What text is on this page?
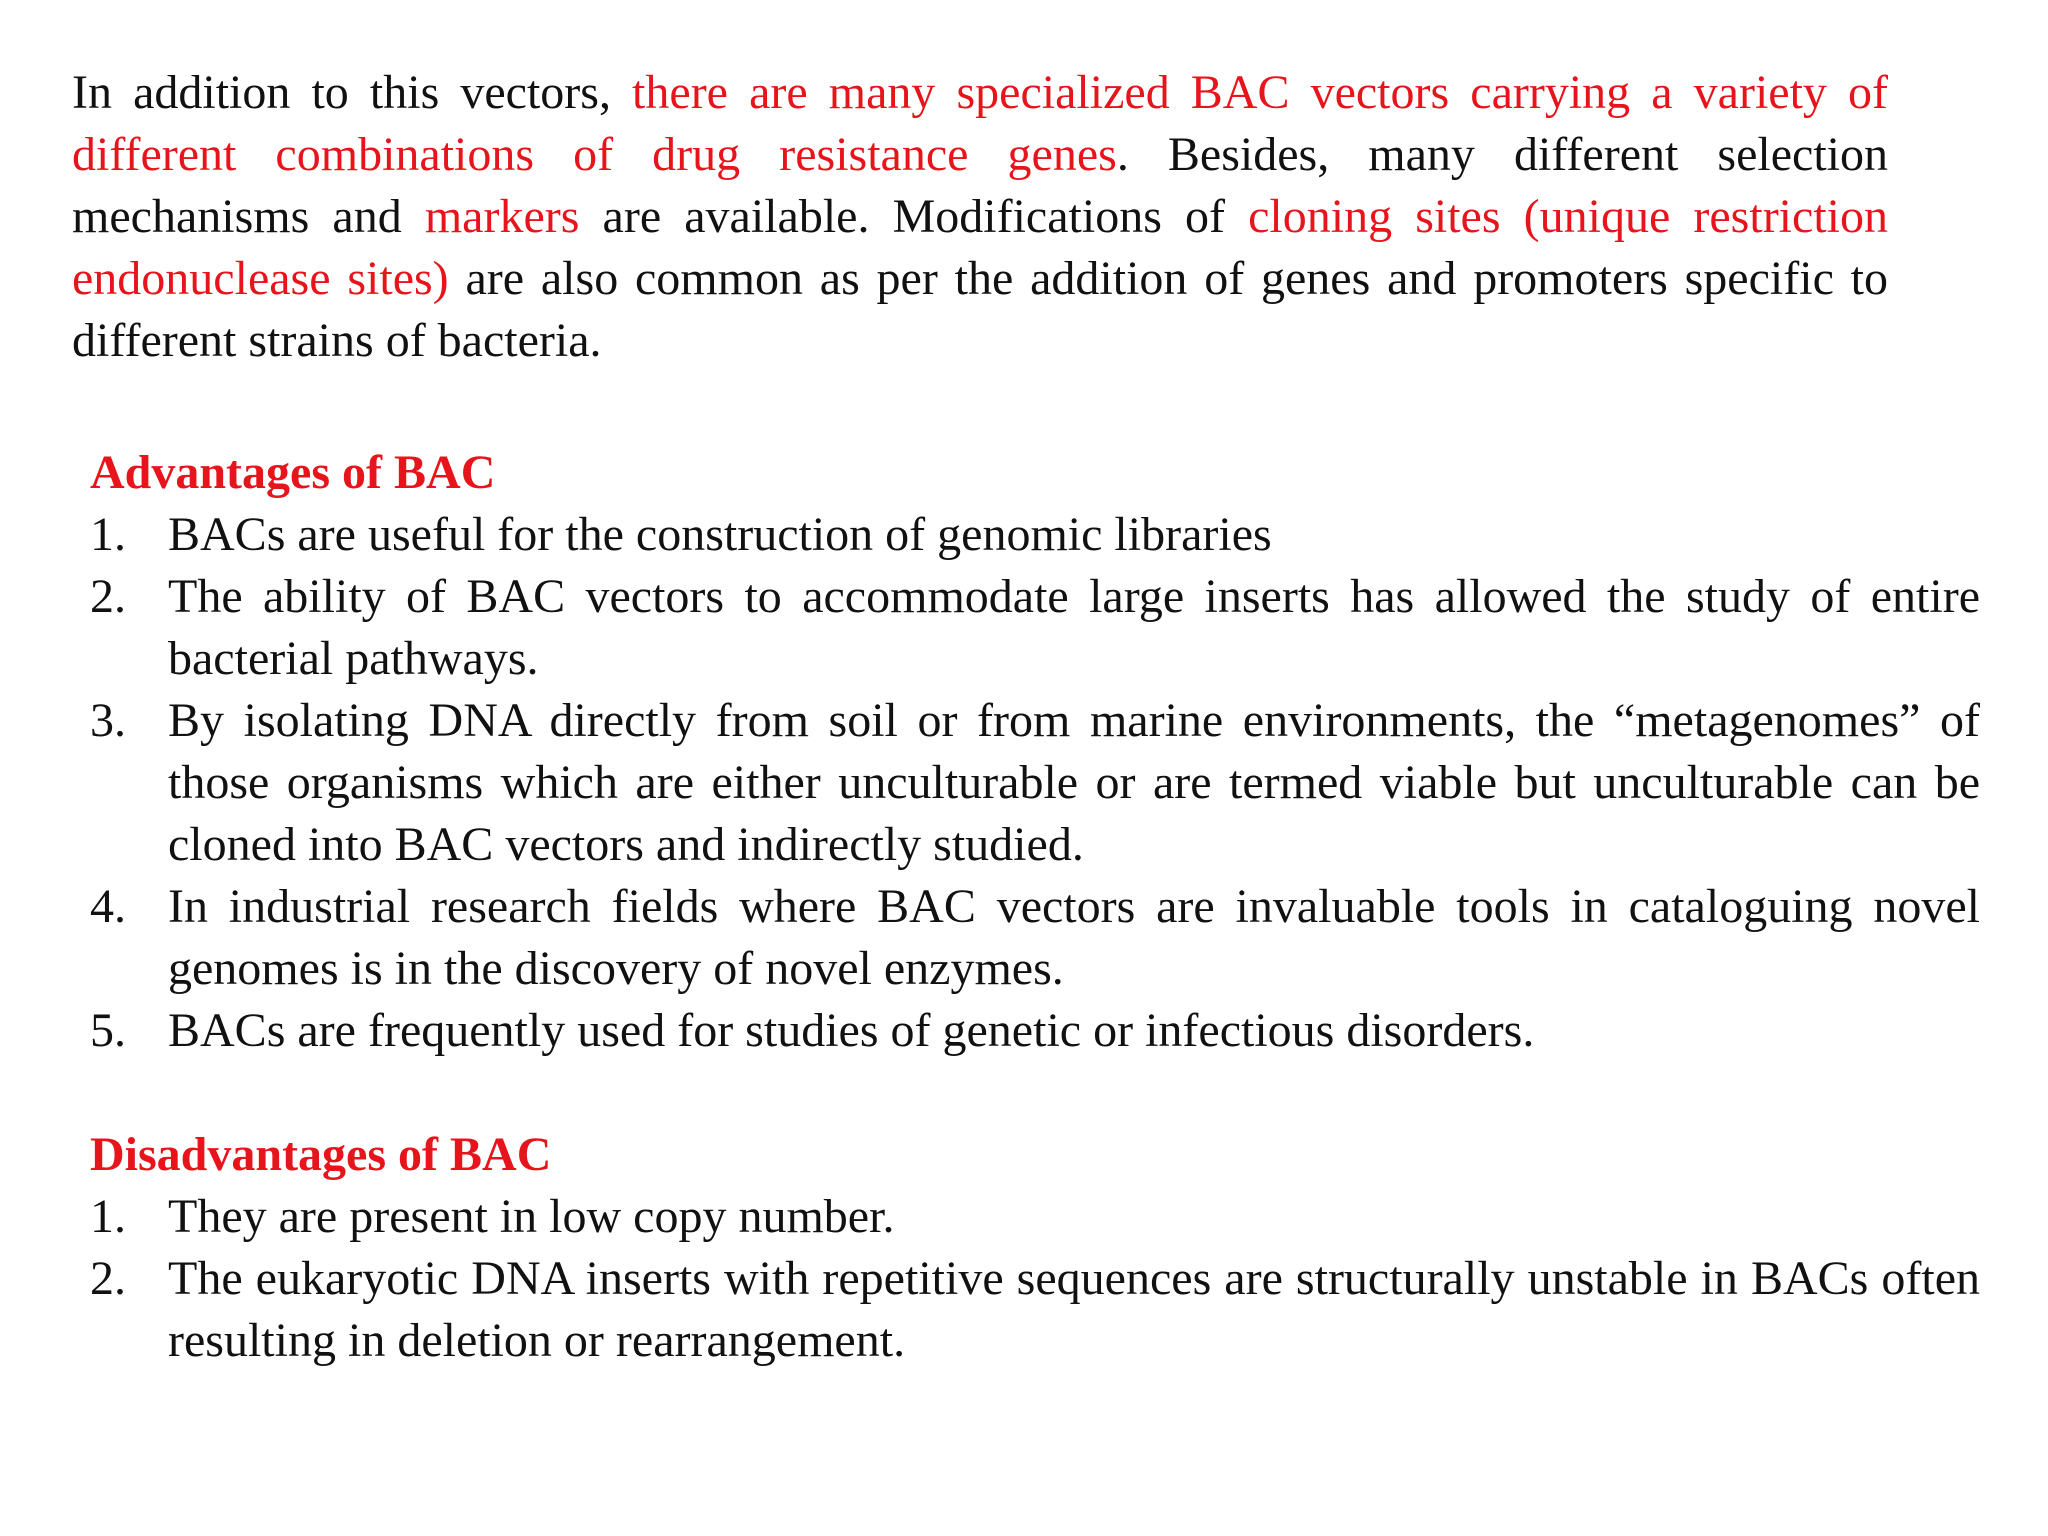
In addition to this vectors, there are many specialized BAC vectors carrying a variety of different combinations of drug resistance genes. Besides, many different selection mechanisms and markers are available. Modifications of cloning sites (unique restriction endonuclease sites) are also common as per the addition of genes and promoters specific to different strains of bacteria.

Advantages of BAC
1. BACs are useful for the construction of genomic libraries
2. The ability of BAC vectors to accommodate large inserts has allowed the study of entire bacterial pathways.
3. By isolating DNA directly from soil or from marine environments, the “metagenomes” of those organisms which are either unculturable or are termed viable but unculturable can be cloned into BAC vectors and indirectly studied.
4. In industrial research fields where BAC vectors are invaluable tools in cataloguing novel genomes is in the discovery of novel enzymes.
5. BACs are frequently used for studies of genetic or infectious disorders.
Disadvantages of BAC
1. They are present in low copy number.
2. The eukaryotic DNA inserts with repetitive sequences are structurally unstable in BACs often resulting in deletion or rearrangement.
